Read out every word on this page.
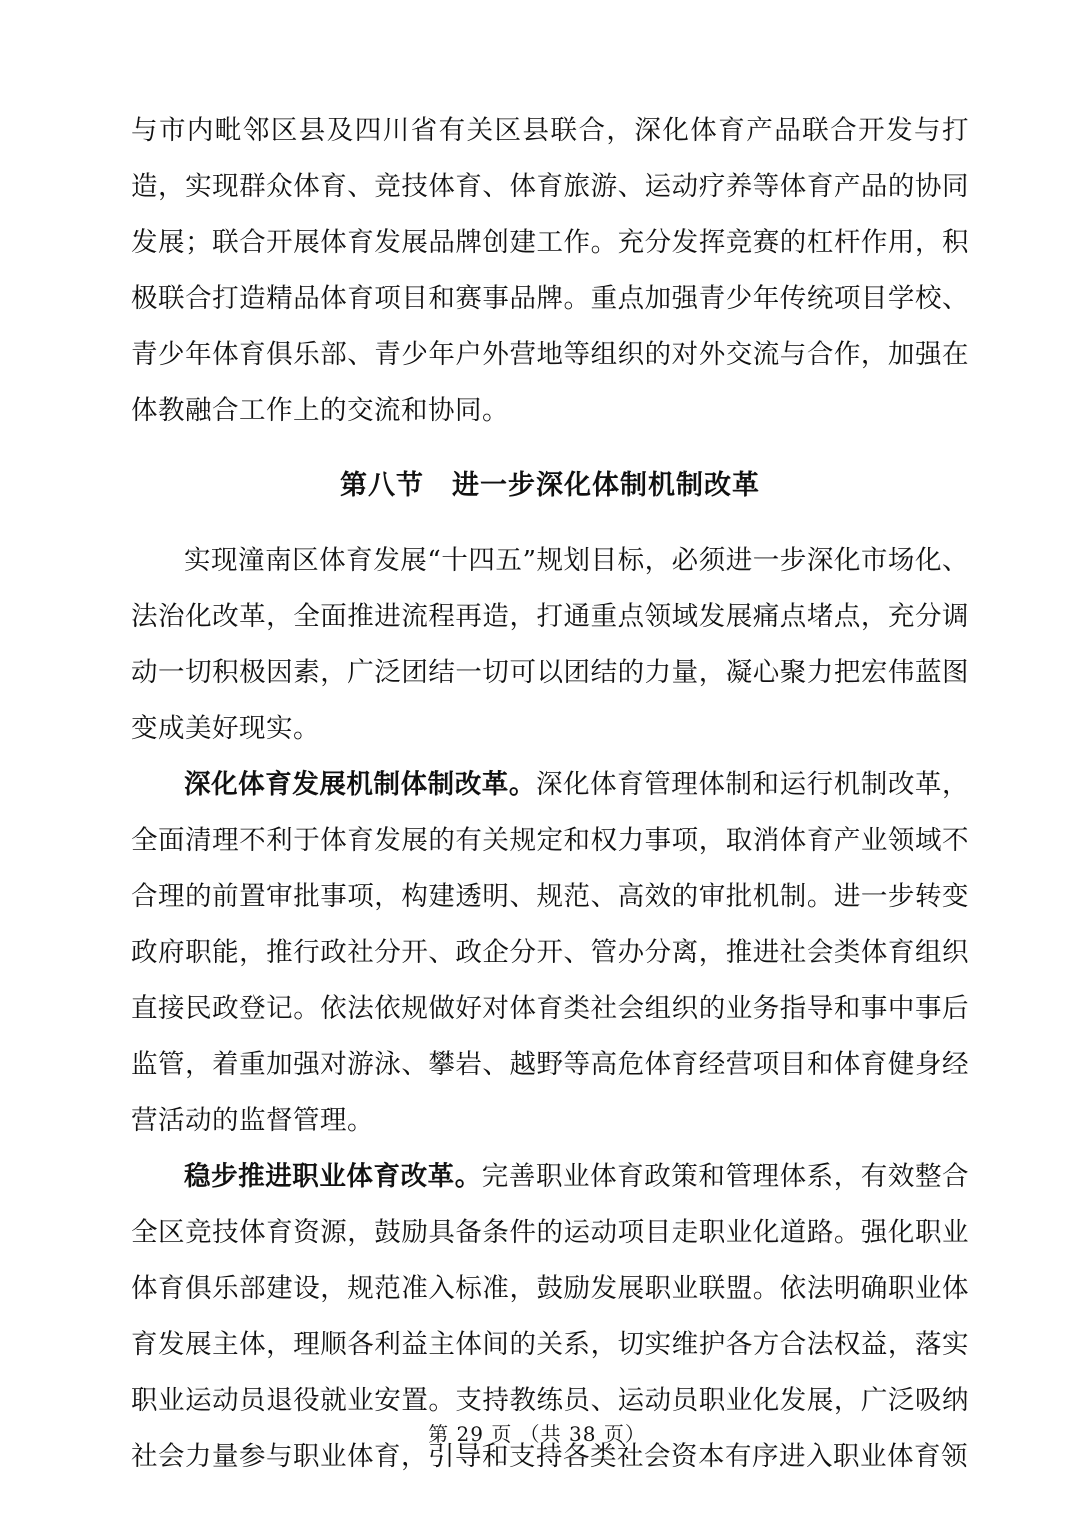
与市内毗邻区县及四川省有关区县联合，深化体育产品联合开发与打造，实现群众体育、竞技体育、体育旅游、运动疗养等体育产品的协同发展；联合开展体育发展品牌创建工作。充分发挥竞赛的杠杆作用，积极联合打造精品体育项目和赛事品牌。重点加强青少年传统项目学校、青少年体育俱乐部、青少年户外营地等组织的对外交流与合作，加强在体教融合工作上的交流和协同。

第八节　进一步深化体制机制改革

实现潼南区体育发展“十四五”规划目标，必须进一步深化市场化、法治化改革，全面推进流程再造，打通重点领域发展痛点堵点，充分调动一切积极因素，广泛团结一切可以团结的力量，凝心聚力把宏伟蓝图变成美好现实。

深化体育发展机制体制改革。深化体育管理体制和运行机制改革，全面清理不利于体育发展的有关规定和权力事项，取消体育产业领域不合理的前置审批事项，构建透明、规范、高效的审批机制。进一步转变政府职能，推行政社分开、政企分开、管办分离，推进社会类体育组织直接民政登记。依法依规做好对体育类社会组织的业务指导和事中事后监管，着重加强对游泳、攀岩、越野等高危体育经营项目和体育健身经营活动的监督管理。

稳步推进职业体育改革。完善职业体育政策和管理体系，有效整合全区竞技体育资源，鼓励具备条件的运动项目走职业化道路。强化职业体育俱乐部建设，规范准入标准，鼓励发展职业联盟。依法明确职业体育发展主体，理顺各利益主体间的关系，切实维护各方合法权益，落实职业运动员退役就业安置。支持教练员、运动员职业化发展，广泛吸纳社会力量参与职业体育，引导和支持各类社会资本有序进入职业体育领

第 29 页 （共 38 页）
